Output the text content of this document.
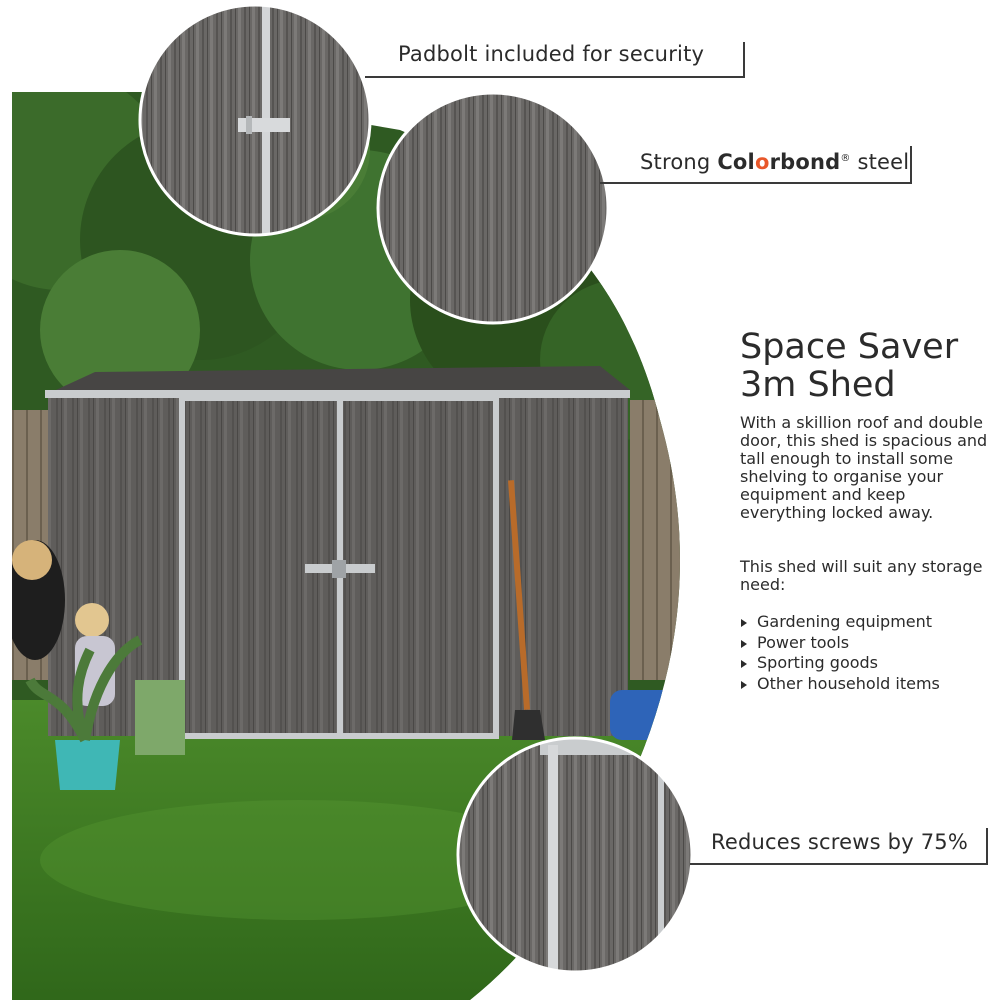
Padbolt included for security
Strong Colorbond® steel
Reduces screws by 75%
Space Saver
3m Shed
With a skillion roof and double door, this shed is spacious and tall enough to install some shelving to organise your equipment and keep everything locked away.
This shed will suit any storage need:
Gardening equipment
Power tools
Sporting goods
Other household items
